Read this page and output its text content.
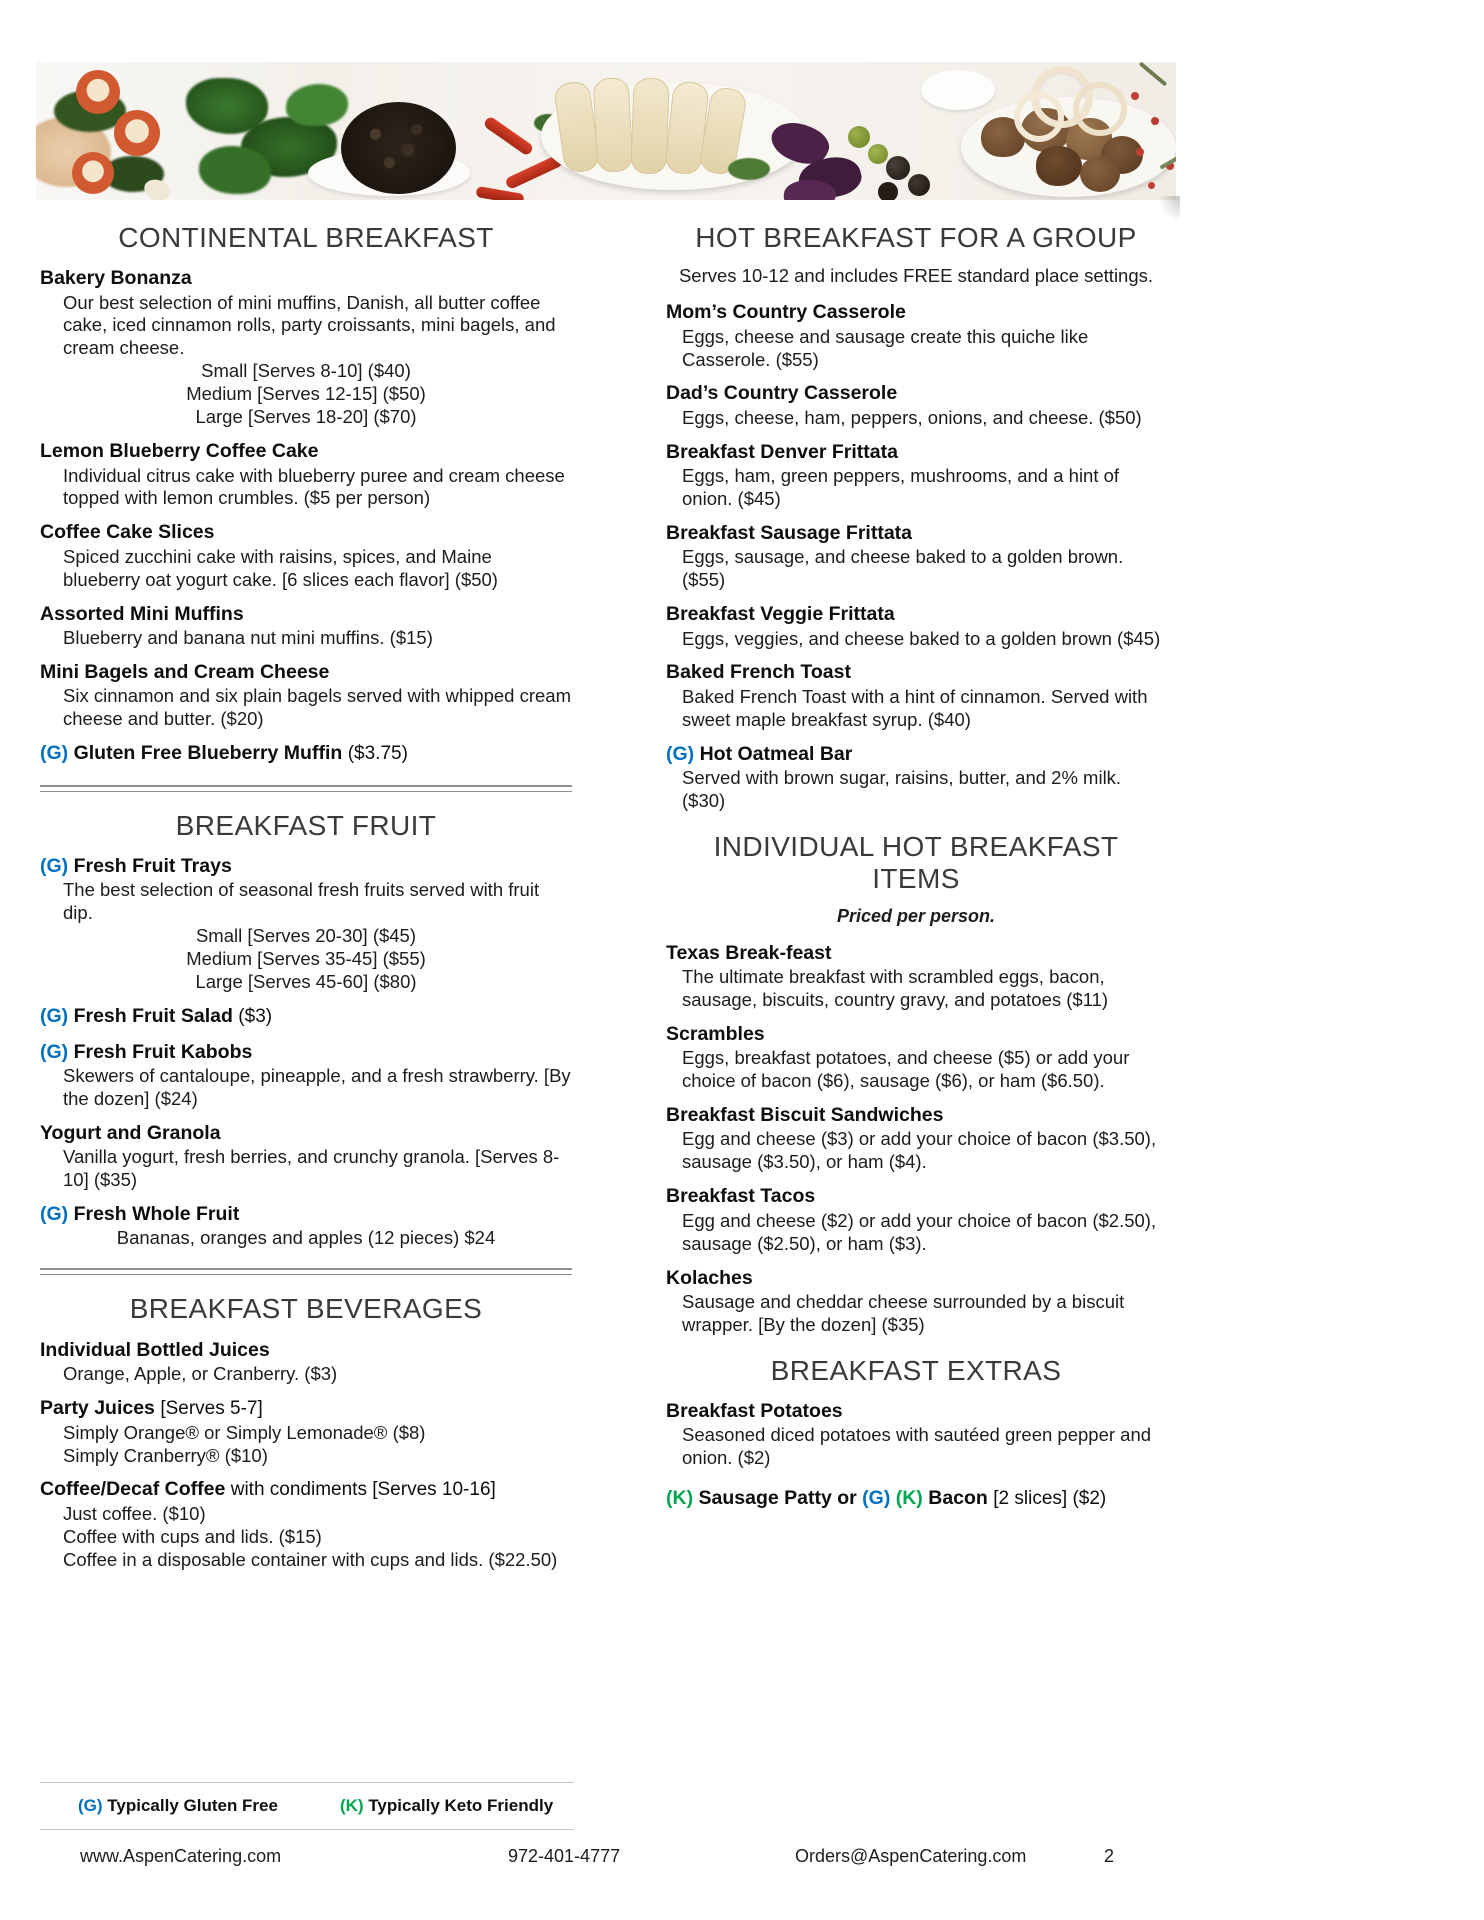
CONTINENTAL BREAKFAST
Bakery Bonanza
Our best selection of mini muffins, Danish, all butter coffee cake, iced cinnamon rolls, party croissants, mini bagels, and cream cheese.
Small [Serves 8-10] ($40)
Medium [Serves 12-15] ($50)
Large [Serves 18-20] ($70)
Lemon Blueberry Coffee Cake
Individual citrus cake with blueberry puree and cream cheese topped with lemon crumbles. ($5 per person)
Coffee Cake Slices
Spiced zucchini cake with raisins, spices, and Maine blueberry oat yogurt cake. [6 slices each flavor] ($50)
Assorted Mini Muffins
Blueberry and banana nut mini muffins. ($15)
Mini Bagels and Cream Cheese
Six cinnamon and six plain bagels served with whipped cream cheese and butter. ($20)
(G) Gluten Free Blueberry Muffin ($3.75)
BREAKFAST FRUIT
(G) Fresh Fruit Trays
The best selection of seasonal fresh fruits served with fruit dip.
Small [Serves 20-30] ($45)
Medium [Serves 35-45] ($55)
Large [Serves 45-60] ($80)
(G) Fresh Fruit Salad ($3)
(G) Fresh Fruit Kabobs
Skewers of cantaloupe, pineapple, and a fresh strawberry. [By the dozen] ($24)
Yogurt and Granola
Vanilla yogurt, fresh berries, and crunchy granola. [Serves 8-10] ($35)
(G) Fresh Whole Fruit
Bananas, oranges and apples (12 pieces) $24
BREAKFAST BEVERAGES
Individual Bottled Juices
Orange, Apple, or Cranberry. ($3)
Party Juices [Serves 5-7]
Simply Orange® or Simply Lemonade® ($8)
Simply Cranberry® ($10)
Coffee/Decaf Coffee with condiments [Serves 10-16]
Just coffee. ($10)
Coffee with cups and lids. ($15)
Coffee in a disposable container with cups and lids. ($22.50)
HOT BREAKFAST FOR A GROUP
Serves 10-12 and includes FREE standard place settings.
Mom’s Country Casserole
Eggs, cheese and sausage create this quiche like Casserole. ($55)
Dad’s Country Casserole
Eggs, cheese, ham, peppers, onions, and cheese. ($50)
Breakfast Denver Frittata
Eggs, ham, green peppers, mushrooms, and a hint of onion. ($45)
Breakfast Sausage Frittata
Eggs, sausage, and cheese baked to a golden brown. ($55)
Breakfast Veggie Frittata
Eggs, veggies, and cheese baked to a golden brown ($45)
Baked French Toast
Baked French Toast with a hint of cinnamon. Served with sweet maple breakfast syrup. ($40)
(G) Hot Oatmeal Bar
Served with brown sugar, raisins, butter, and 2% milk. ($30)
INDIVIDUAL HOT BREAKFAST ITEMS
Priced per person.
Texas Break-feast
The ultimate breakfast with scrambled eggs, bacon, sausage, biscuits, country gravy, and potatoes ($11)
Scrambles
Eggs, breakfast potatoes, and cheese ($5) or add your choice of bacon ($6), sausage ($6), or ham ($6.50).
Breakfast Biscuit Sandwiches
Egg and cheese ($3) or add your choice of bacon ($3.50), sausage ($3.50), or ham ($4).
Breakfast Tacos
Egg and cheese ($2) or add your choice of bacon ($2.50), sausage ($2.50), or ham ($3).
Kolaches
Sausage and cheddar cheese surrounded by a biscuit wrapper. [By the dozen] ($35)
BREAKFAST EXTRAS
Breakfast Potatoes
Seasoned diced potatoes with sautéed green pepper and onion. ($2)
(K) Sausage Patty or (G) (K) Bacon [2 slices] ($2)
(G) Typically Gluten Free	(K) Typically Keto Friendly
www.AspenCatering.com	972-401-4777	Orders@AspenCatering.com	2
